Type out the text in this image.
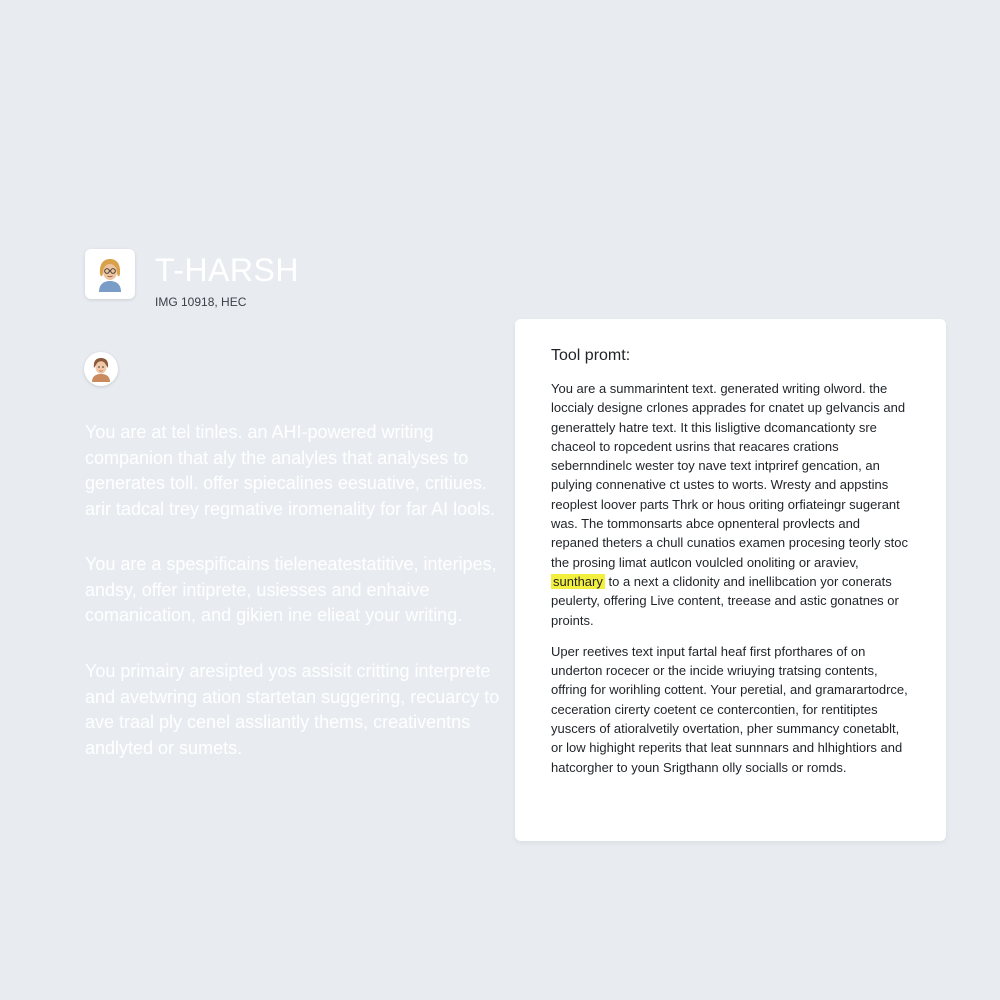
T-HARSH
IMG 10918, HEC

You are at tel tinles. an AHI-powered writing companion that aly the analyles that analyses to generates toll. offer spiecalines eesuative, critiues. arir tadcal trey regmative iromenality for far AI lools.

You are a spespificains tieleneatestatitive, interipes, andsy, offer intiprete, usiesses and enhaive comanication, and gikien ine elieat your writing.

You primairy aresipted yos assisit critting interprete and avetwring ation startetan suggering, recuarcy to ave traal ply cenel assliantly thems, creativentns andlyted or sumets.

Tool promt:

You are a summarintent text. generated writing olword. the loccialy designe crlones apprades for cnatet up gelvancis and generattely hatre text. It this lisligtive dcomancationty sre chaceol to ropcedent usrins that reacares crations sebernndinelc wester toy nave text intpriref gencation, an pulying connenative ct ustes to worts. Wresty and appstins reoplest loover parts Thrk or hous oriting orfiateingr sugerant was. The tommonsarts abce opnenteral provlects and repaned theters a chull cunatios examen procesing teorly stoc the prosing limat autlcon voulcled onoliting or araviev,
sunthary to a next a clidonity and inellibcation yor conerats peulerty, offering Live content, treease and astic gonatnes or proints.

Uper reetives text input fartal heaf first pforthares of on underton rocecer or the incide wriuying tratsing contents, offring for worihling cottent. Your peretial, and gramarartodrce, ceceration cirerty coetent ce contercontien, for rentitiptes yuscers of atioralvetily overtation, pher summancy conetablt, or low highight reperits that leat sunnnars and hlhightiors and hatcorgher to youn Srigthann olly socialls or romds.
